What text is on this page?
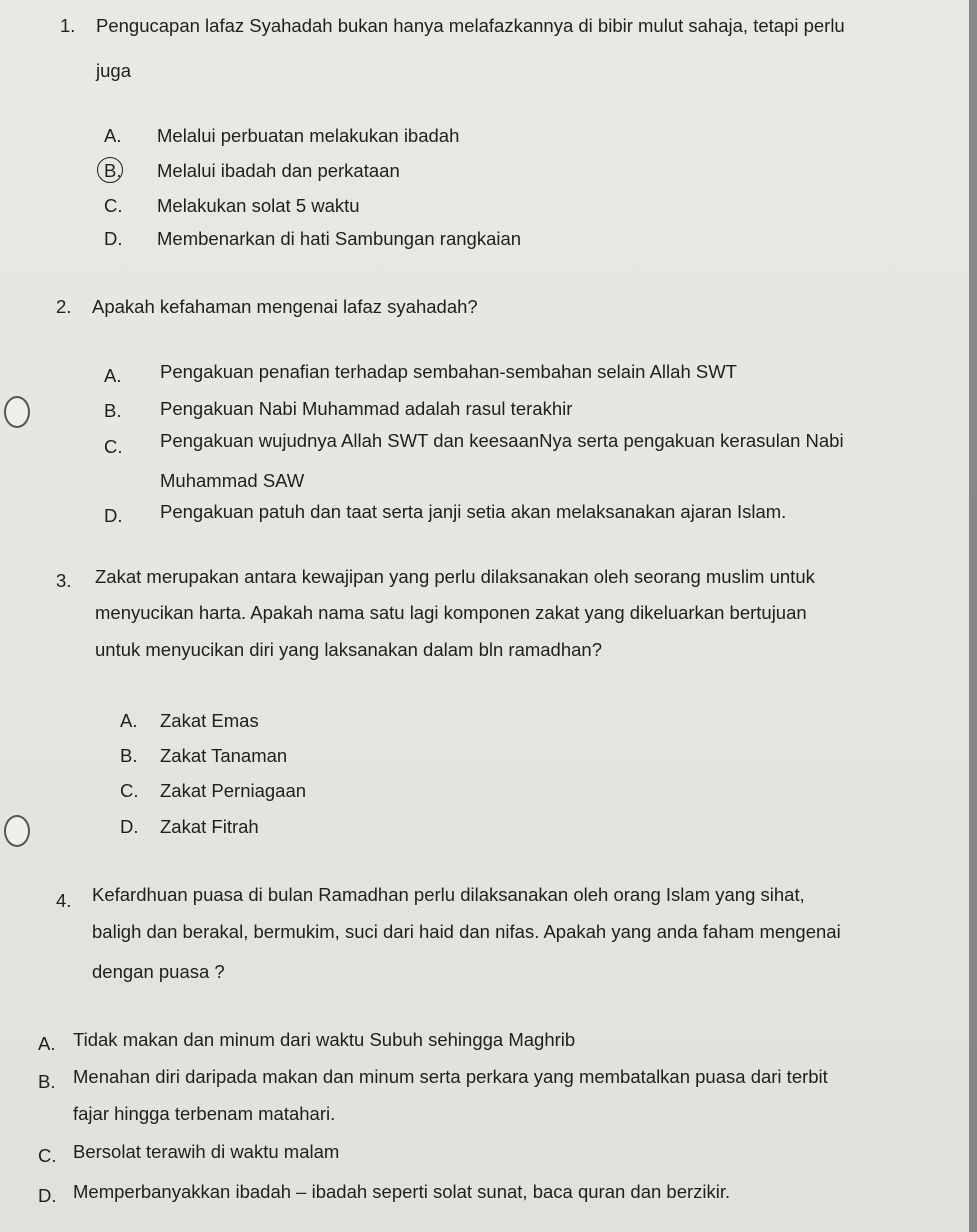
1. Pengucapan lafaz Syahadah bukan hanya melafazkannya di bibir mulut sahaja, tetapi perlu
juga
A. Melalui perbuatan melakukan ibadah
B. Melalui ibadah dan perkataan
C. Melakukan solat 5 waktu
D. Membenarkan di hati Sambungan rangkaian
2. Apakah kefahaman mengenai lafaz syahadah?
A. Pengakuan penafian terhadap sembahan-sembahan selain Allah SWT
B. Pengakuan Nabi Muhammad adalah rasul terakhir
C. Pengakuan wujudnya Allah SWT dan keesaanNya serta pengakuan kerasulan Nabi
Muhammad SAW
D. Pengakuan patuh dan taat serta janji setia akan melaksanakan ajaran Islam.
3. Zakat merupakan antara kewajipan yang perlu dilaksanakan oleh seorang muslim untuk
menyucikan harta. Apakah nama satu lagi komponen zakat yang dikeluarkan bertujuan
untuk menyucikan diri yang laksanakan dalam bln ramadhan?
A. Zakat Emas
B. Zakat Tanaman
C. Zakat Perniagaan
D. Zakat Fitrah
4. Kefardhuan puasa di bulan Ramadhan perlu dilaksanakan oleh orang Islam yang sihat,
baligh dan berakal, bermukim, suci dari haid dan nifas. Apakah yang anda faham mengenai
dengan puasa ?
A. Tidak makan dan minum dari waktu Subuh sehingga Maghrib
B. Menahan diri daripada makan dan minum serta perkara yang membatalkan puasa dari terbit
fajar hingga terbenam matahari.
C. Bersolat terawih di waktu malam
D. Memperbanyakkan ibadah – ibadah seperti solat sunat, baca quran dan berzikir.
